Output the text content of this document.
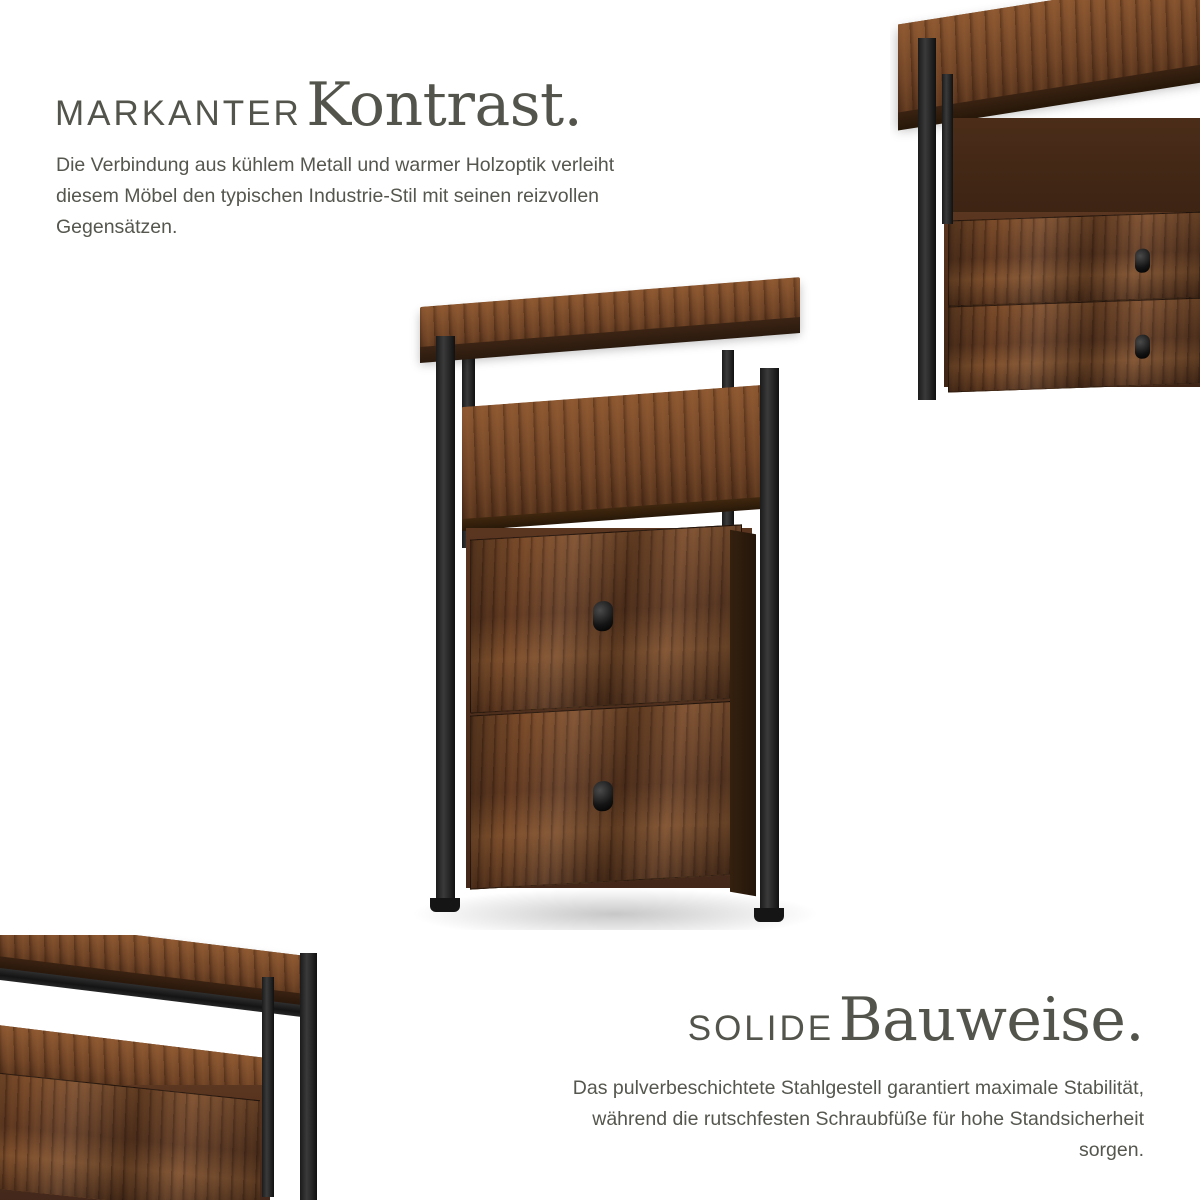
MARKANTER Kontrast.
Die Verbindung aus kühlem Metall und warmer Holzoptik verleiht diesem Möbel den typischen Industrie-Stil mit seinen reizvollen Gegensätzen.
SOLIDE Bauweise.
Das pulverbeschichtete Stahlgestell garantiert maximale Stabilität, während die rutschfesten Schraubfüße für hohe Standsicherheit sorgen.
